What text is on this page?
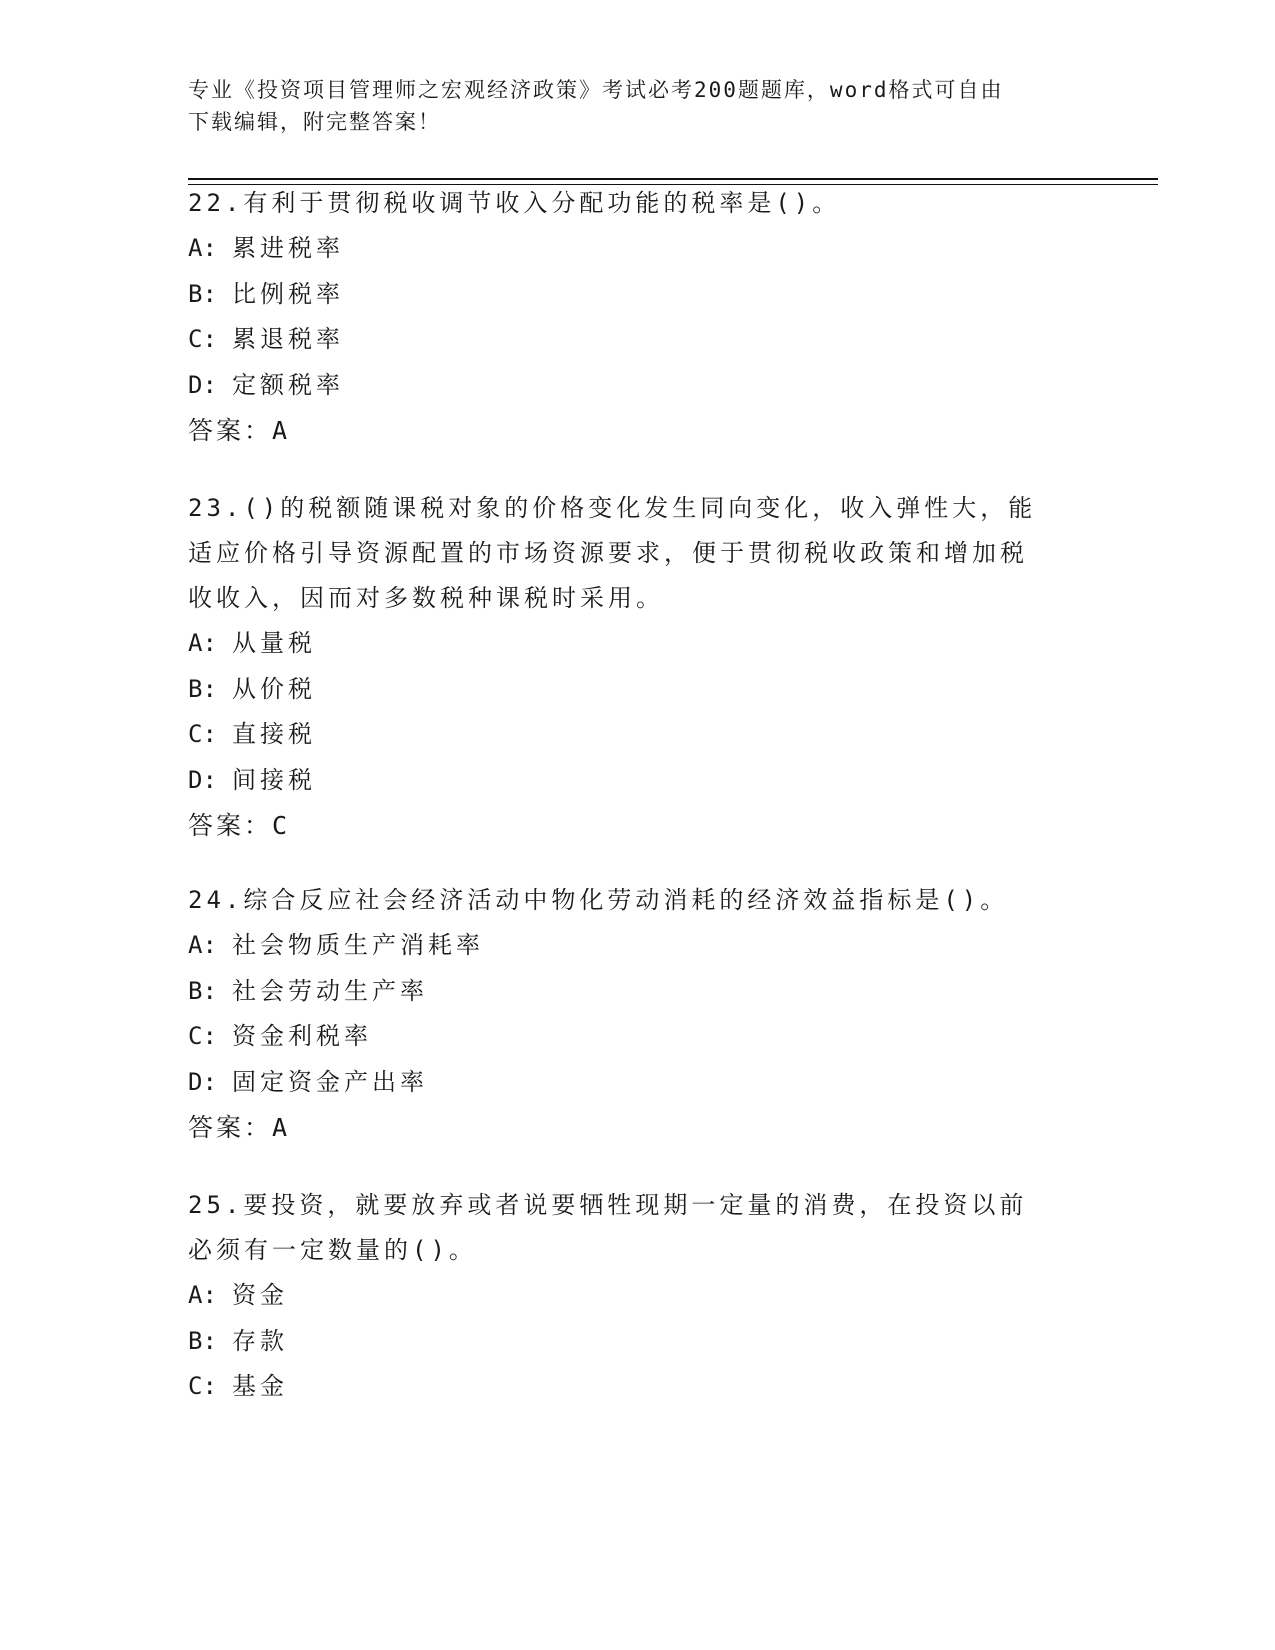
专业《投资项目管理师之宏观经济政策》考试必考200题题库，word格式可自由
下载编辑，附完整答案！

22.有利于贯彻税收调节收入分配功能的税率是()。

A: 累进税率

B: 比例税率

C: 累退税率

D: 定额税率

答案：A

23.()的税额随课税对象的价格变化发生同向变化，收入弹性大，能适应价格引导资源配置的市场资源要求，便于贯彻税收政策和增加税收收入，因而对多数税种课税时采用。

A: 从量税

B: 从价税

C: 直接税

D: 间接税

答案：C

24.综合反应社会经济活动中物化劳动消耗的经济效益指标是()。

A: 社会物质生产消耗率

B: 社会劳动生产率

C: 资金利税率

D: 固定资金产出率

答案：A

25.要投资，就要放弃或者说要牺牲现期一定量的消费，在投资以前必须有一定数量的()。

A: 资金

B: 存款

C: 基金
